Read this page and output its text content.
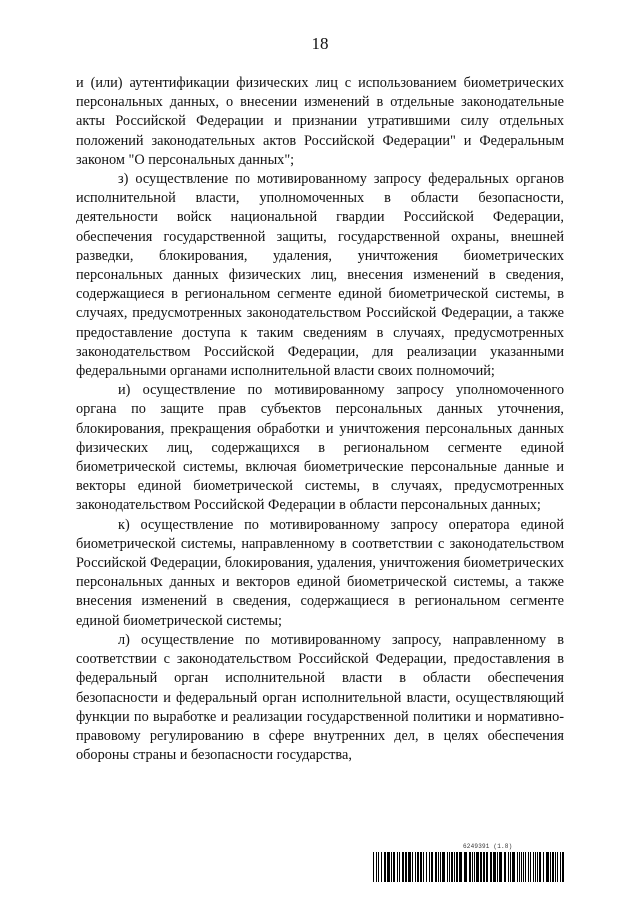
18

и (или) аутентификации физических лиц с использованием биометрических персональных данных, о внесении изменений в отдельные законодательные акты Российской Федерации и признании утратившими силу отдельных положений законодательных актов Российской Федерации" и Федеральным законом "О персональных данных";

з) осуществление по мотивированному запросу федеральных органов исполнительной власти, уполномоченных в области безопасности, деятельности войск национальной гвардии Российской Федерации, обеспечения государственной защиты, государственной охраны, внешней разведки, блокирования, удаления, уничтожения биометрических персональных данных физических лиц, внесения изменений в сведения, содержащиеся в региональном сегменте единой биометрической системы, в случаях, предусмотренных законодательством Российской Федерации, а также предоставление доступа к таким сведениям в случаях, предусмотренных законодательством Российской Федерации, для реализации указанными федеральными органами исполнительной власти своих полномочий;

и) осуществление по мотивированному запросу уполномоченного органа по защите прав субъектов персональных данных уточнения, блокирования, прекращения обработки и уничтожения персональных данных физических лиц, содержащихся в региональном сегменте единой биометрической системы, включая биометрические персональные данные и векторы единой биометрической системы, в случаях, предусмотренных законодательством Российской Федерации в области персональных данных;

к) осуществление по мотивированному запросу оператора единой биометрической системы, направленному в соответствии с законодательством Российской Федерации, блокирования, удаления, уничтожения биометрических персональных данных и векторов единой биометрической системы, а также внесения изменений в сведения, содержащиеся в региональном сегменте единой биометрической системы;

л) осуществление по мотивированному запросу, направленному в соответствии с законодательством Российской Федерации, предоставления в федеральный орган исполнительной власти в области обеспечения безопасности и федеральный орган исполнительной власти, осуществляющий функции по выработке и реализации государственной политики и нормативно-правовому регулированию в сфере внутренних дел, в целях обеспечения обороны страны и безопасности государства,

6249391 (1.8)
